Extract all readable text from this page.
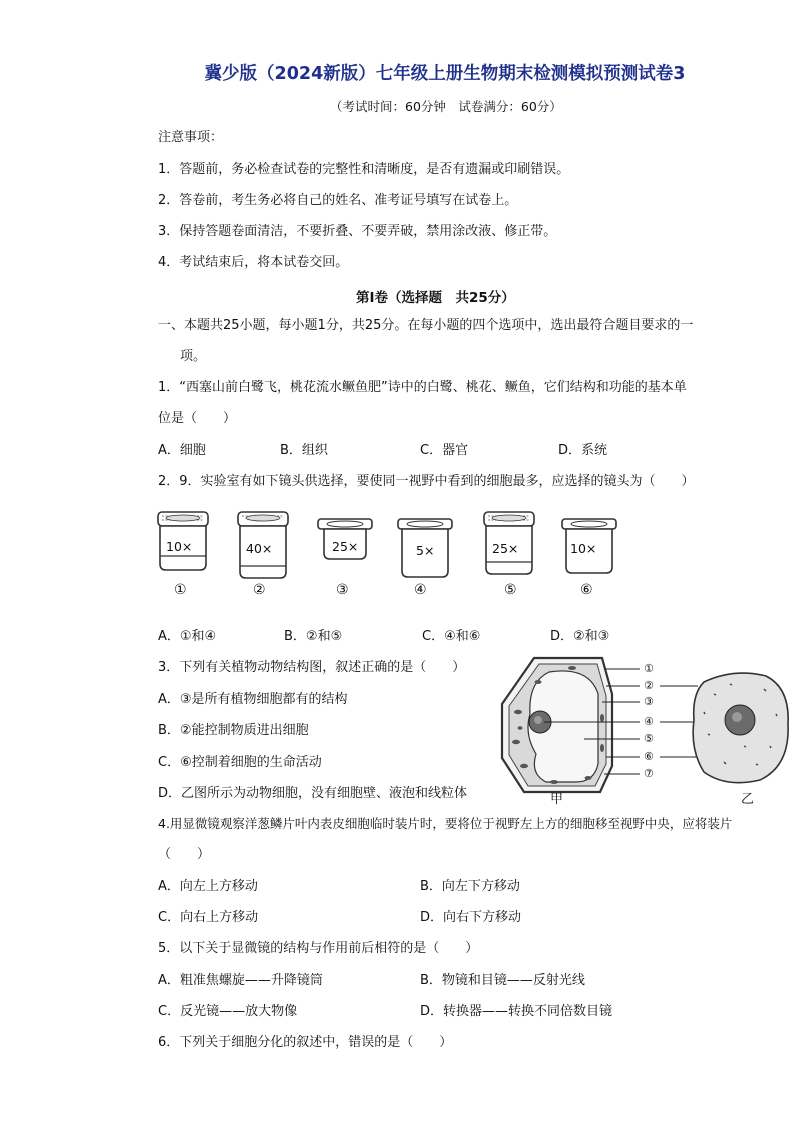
冀少版（2024新版）七年级上册生物期末检测模拟预测试卷3
（考试时间：60分钟　试卷满分：60分）
注意事项：
1．答题前，务必检查试卷的完整性和清晰度，是否有遗漏或印刷错误。
2．答卷前，考生务必将自己的姓名、准考证号填写在试卷上。
3．保持答题卷面清洁，不要折叠、不要弄破，禁用涂改液、修正带。
4．考试结束后，将本试卷交回。
第Ⅰ卷（选择题　共25分）
一、本题共25小题，每小题1分，共25分。在每小题的四个选项中，选出最符合题目要求的一
项。
1．“西塞山前白鹭飞，桃花流水鳜鱼肥”诗中的白鹭、桃花、鳜鱼，它们结构和功能的基本单
位是（　　）
A．细胞	B．组织	C．器官	D．系统
2．9．实验室有如下镜头供选择，要使同一视野中看到的细胞最多，应选择的镜头为（　　）
10×
①
40×
②
25×
③
5×
④
25×
⑤
10×
⑥
A．①和④	B．②和⑤	C．④和⑥	D．②和③
3．下列有关植物动物结构图，叙述正确的是（　　）
A．③是所有植物细胞都有的结构
B．②能控制物质进出细胞
C．⑥控制着细胞的生命活动
D．乙图所示为动物细胞，没有细胞壁、液泡和线粒体
①
②
③
④
⑤
⑥
⑦
甲	乙
4.用显微镜观察洋葱鳞片叶内表皮细胞临时装片时，要将位于视野左上方的细胞移至视野中央，应将装片
（　　）
A．向左上方移动	B．向左下方移动
C．向右上方移动	D．向右下方移动
5．以下关于显微镜的结构与作用前后相符的是（　　）
A．粗准焦螺旋——升降镜筒	B．物镜和目镜——反射光线
C．反光镜——放大物像	D．转换器——转换不同倍数目镜
6．下列关于细胞分化的叙述中，错误的是（　　）
